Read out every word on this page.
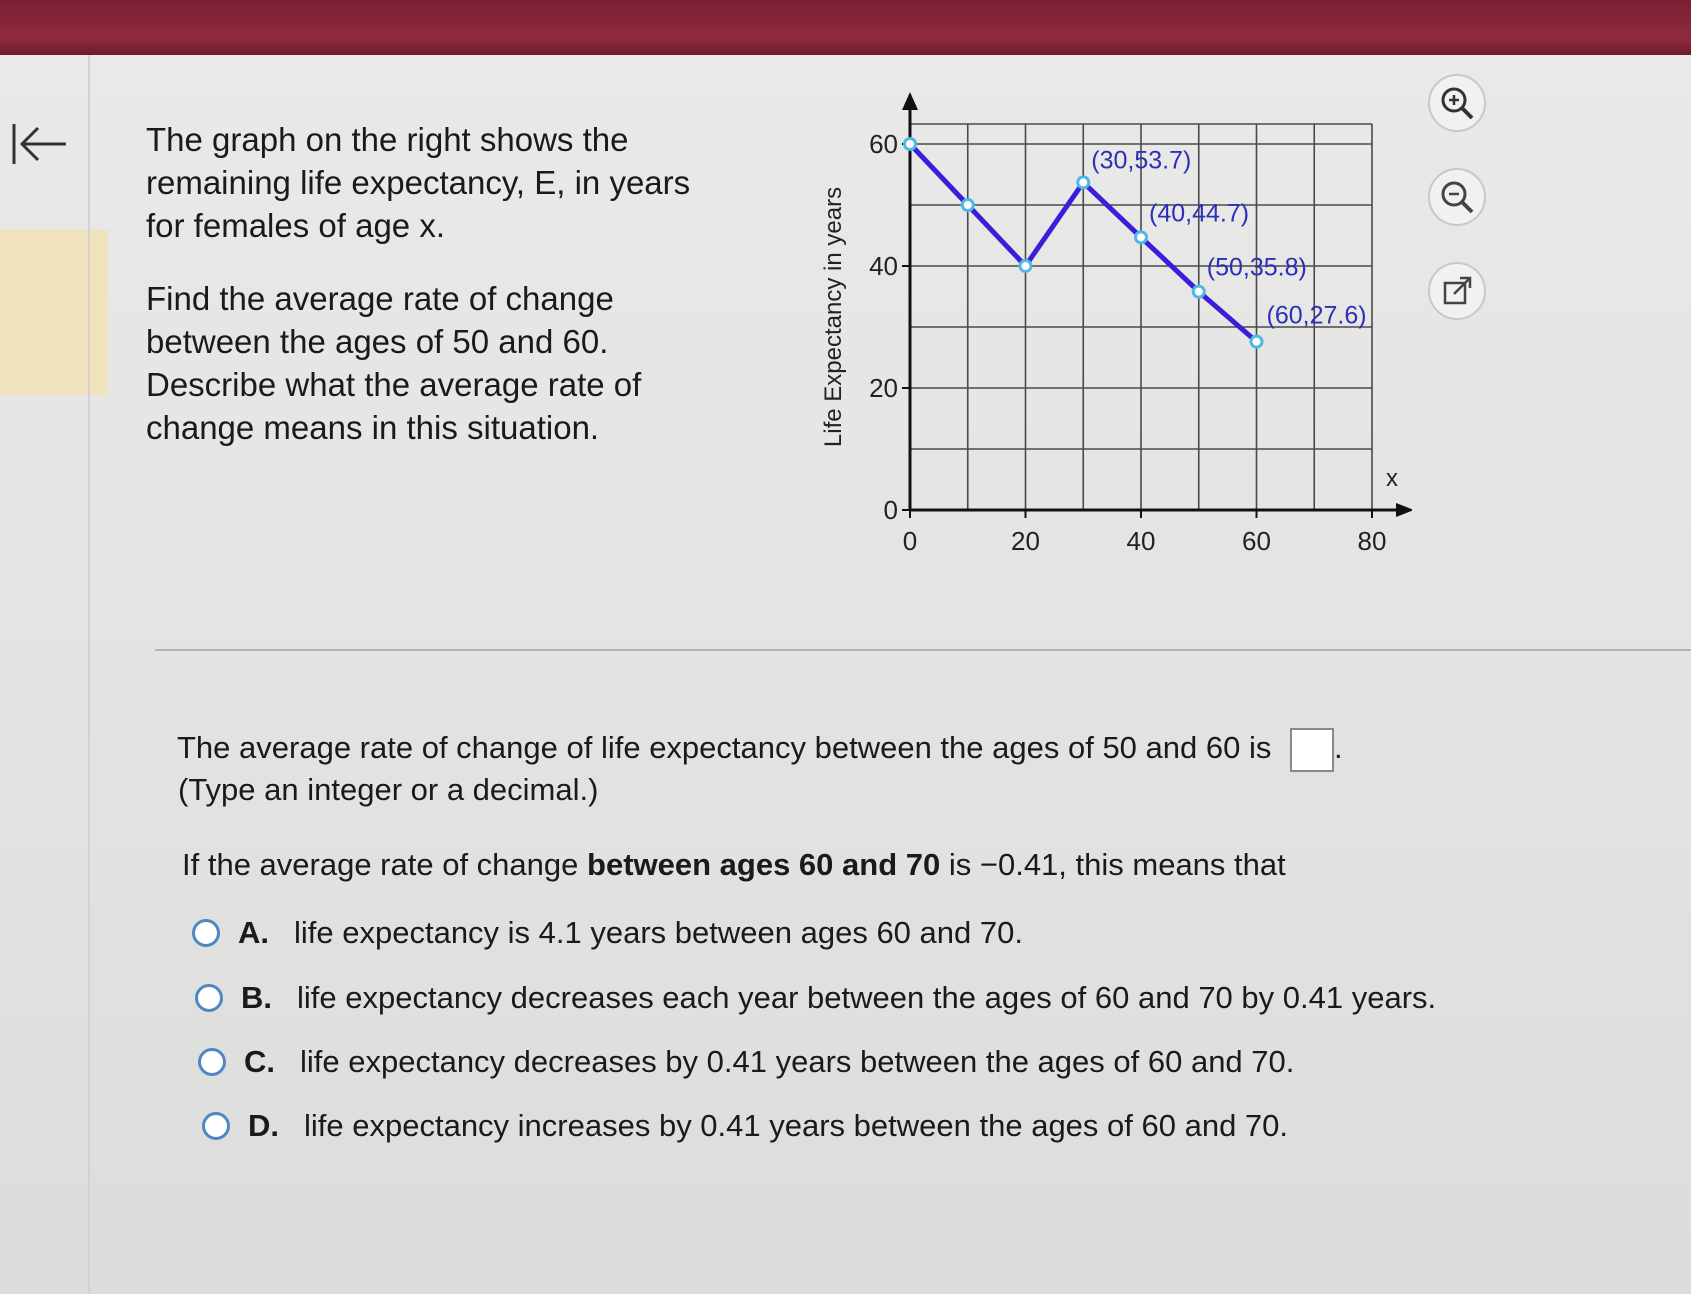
The graph on the right shows the remaining life expectancy, E, in years for females of age x.

Find the average rate of change between the ages of 50 and 60. Describe what the average rate of change means in this situation.

0	20	40	60	80
0
20
40
60
Life Expectancy in years
x
(30,53.7)
(40,44.7)
(50,35.8)
(60,27.6)
The average rate of change of life expectancy between the ages of 50 and 60 is .
(Type an integer or a decimal.)
If the average rate of change between ages 60 and 70 is −0.41, this means that
A. life expectancy is 4.1 years between ages 60 and 70.
B. life expectancy decreases each year between the ages of 60 and 70 by 0.41 years.
C. life expectancy decreases by 0.41 years between the ages of 60 and 70.
D. life expectancy increases by 0.41 years between the ages of 60 and 70.
